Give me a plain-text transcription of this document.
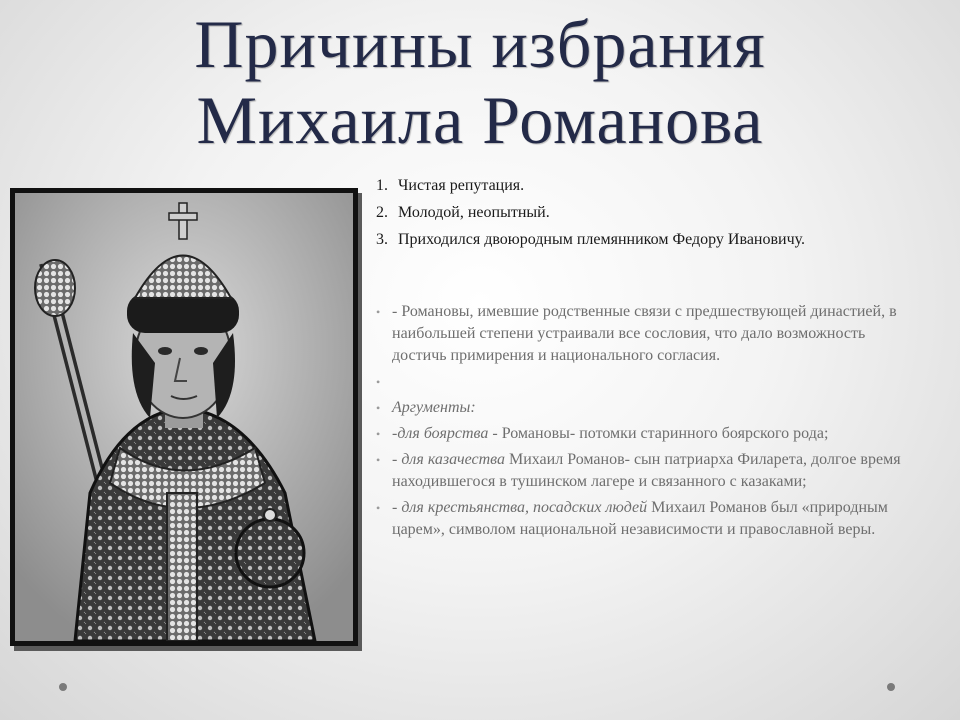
Причины избрания
Михаила Романова
1. Чистая репутация.
2. Молодой, неопытный.
3. Приходился двоюродным племянником Федору Ивановичу.
• - Романовы, имевшие родственные связи с предшествующей династией, в наибольшей степени устраивали все сословия, что дало возможность достичь примирения и национального согласия.
•
• Аргументы:
• -для боярства - Романовы- потомки старинного боярского рода;
• - для казачества Михаил Романов- сын патриарха Филарета, долгое время находившегося в тушинском лагере и связанного с казаками;
• - для крестьянства, посадских людей Михаил Романов был «природным царем», символом национальной независимости и православной веры.
